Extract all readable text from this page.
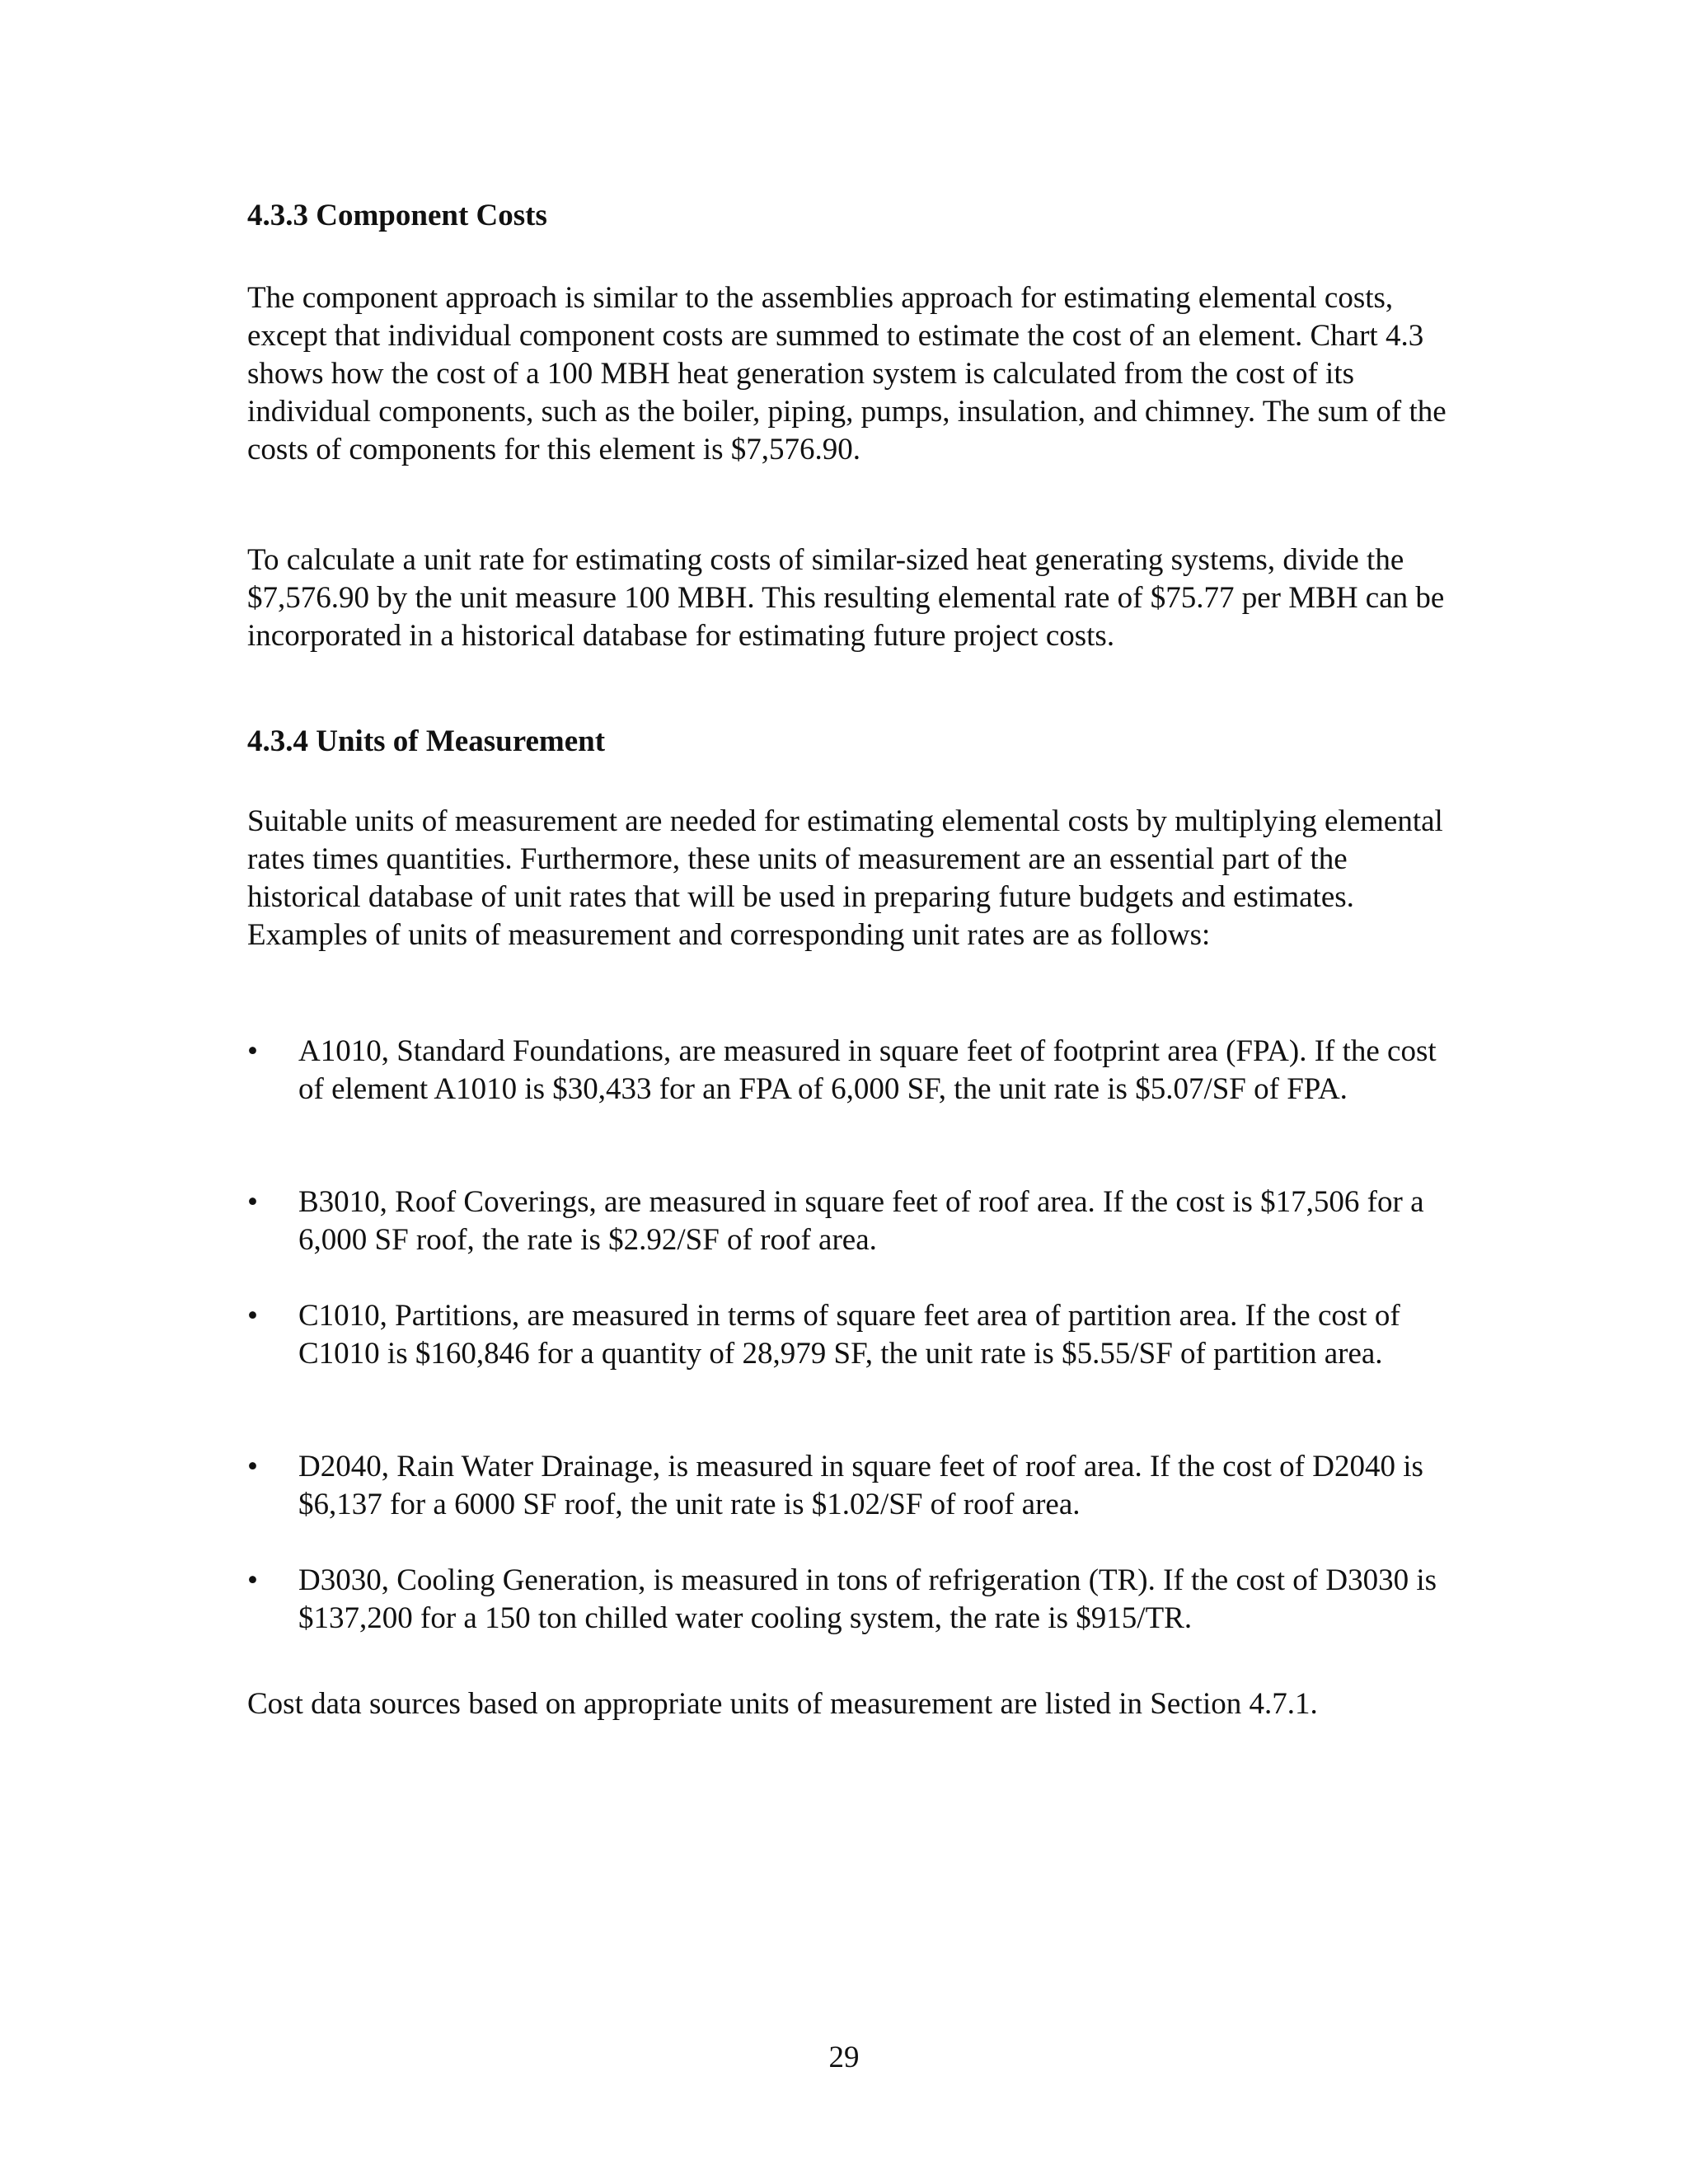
4.3.3 Component Costs

The component approach is similar to the assemblies approach for estimating elemental costs, except that individual component costs are summed to estimate the cost of an element. Chart 4.3 shows how the cost of a 100 MBH heat generation system is calculated from the cost of its individual components, such as the boiler, piping, pumps, insulation, and chimney. The sum of the costs of components for this element is $7,576.90.

To calculate a unit rate for estimating costs of similar-sized heat generating systems, divide the $7,576.90 by the unit measure 100 MBH. This resulting elemental rate of $75.77 per MBH can be incorporated in a historical database for estimating future project costs.

4.3.4 Units of Measurement

Suitable units of measurement are needed for estimating elemental costs by multiplying elemental rates times quantities. Furthermore, these units of measurement are an essential part of the historical database of unit rates that will be used in preparing future budgets and estimates. Examples of units of measurement and corresponding unit rates are as follows:

•	A1010, Standard Foundations, are measured in square feet of footprint area (FPA). If the cost of element A1010 is $30,433 for an FPA of 6,000 SF, the unit rate is $5.07/SF of FPA.

•	B3010, Roof Coverings, are measured in square feet of roof area. If the cost is $17,506 for a 6,000 SF roof, the rate is $2.92/SF of roof area.

•	C1010, Partitions, are measured in terms of square feet area of partition area. If the cost of C1010 is $160,846 for a quantity of 28,979 SF, the unit rate is $5.55/SF of partition area.

•	D2040, Rain Water Drainage, is measured in square feet of roof area. If the cost of D2040 is $6,137 for a 6000 SF roof, the unit rate is $1.02/SF of roof area.

•	D3030, Cooling Generation, is measured in tons of refrigeration (TR). If the cost of D3030 is $137,200 for a 150 ton chilled water cooling system, the rate is $915/TR.

Cost data sources based on appropriate units of measurement are listed in Section 4.7.1.

29
